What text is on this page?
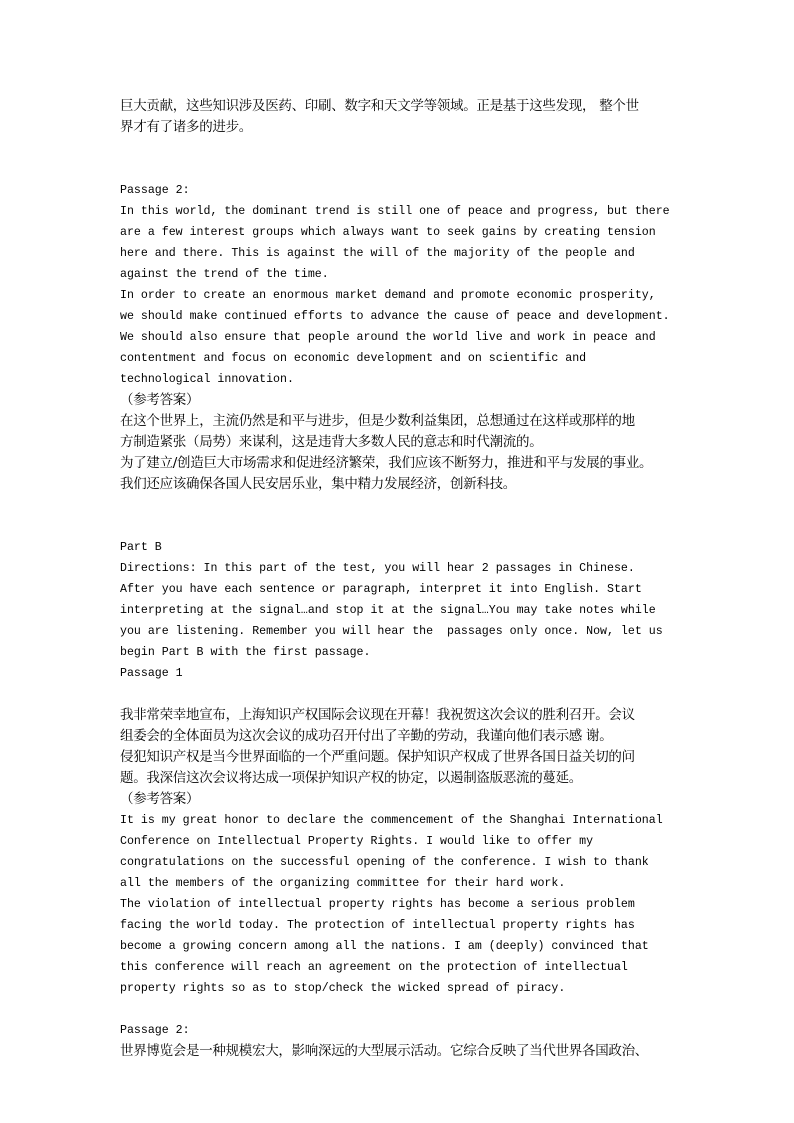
巨大贡献，这些知识涉及医药、印刷、数字和天文学等领域。正是基于这些发现， 整个世
界才有了诸多的进步。
Passage 2:
In this world, the dominant trend is still one of peace and progress, but there
are a few interest groups which always want to seek gains by creating tension
here and there. This is against the will of the majority of the people and
against the trend of the time.
In order to create an enormous market demand and promote economic prosperity,
we should make continued efforts to advance the cause of peace and development.
We should also ensure that people around the world live and work in peace and
contentment and focus on economic development and on scientific and
technological innovation.
（参考答案）
在这个世界上，主流仍然是和平与进步，但是少数利益集团，总想通过在这样或那样的地
方制造紧张（局势）来谋利，这是违背大多数人民的意志和时代潮流的。
为了建立/创造巨大市场需求和促进经济繁荣，我们应该不断努力，推进和平与发展的事业。
我们还应该确保各国人民安居乐业，集中精力发展经济，创新科技。
Part B
Directions: In this part of the test, you will hear 2 passages in Chinese.
After you have each sentence or paragraph, interpret it into English. Start
interpreting at the signal…and stop it at the signal…You may take notes while
you are listening. Remember you will hear the  passages only once. Now, let us
begin Part B with the first passage.
Passage 1
我非常荣幸地宣布，上海知识产权国际会议现在开幕！我祝贺这次会议的胜利召开。会议
组委会的全体面员为这次会议的成功召开付出了辛勤的劳动，我谨向他们表示感 谢。
侵犯知识产权是当今世界面临的一个严重问题。保护知识产权成了世界各国日益关切的问
题。我深信这次会议将达成一项保护知识产权的协定，以遏制盗版恶流的蔓延。
（参考答案）
It is my great honor to declare the commencement of the Shanghai International
Conference on Intellectual Property Rights. I would like to offer my
congratulations on the successful opening of the conference. I wish to thank
all the members of the organizing committee for their hard work.
The violation of intellectual property rights has become a serious problem
facing the world today. The protection of intellectual property rights has
become a growing concern among all the nations. I am (deeply) convinced that
this conference will reach an agreement on the protection of intellectual
property rights so as to stop/check the wicked spread of piracy.
Passage 2:
世界博览会是一种规模宏大，影响深远的大型展示活动。它综合反映了当代世界各国政治、
